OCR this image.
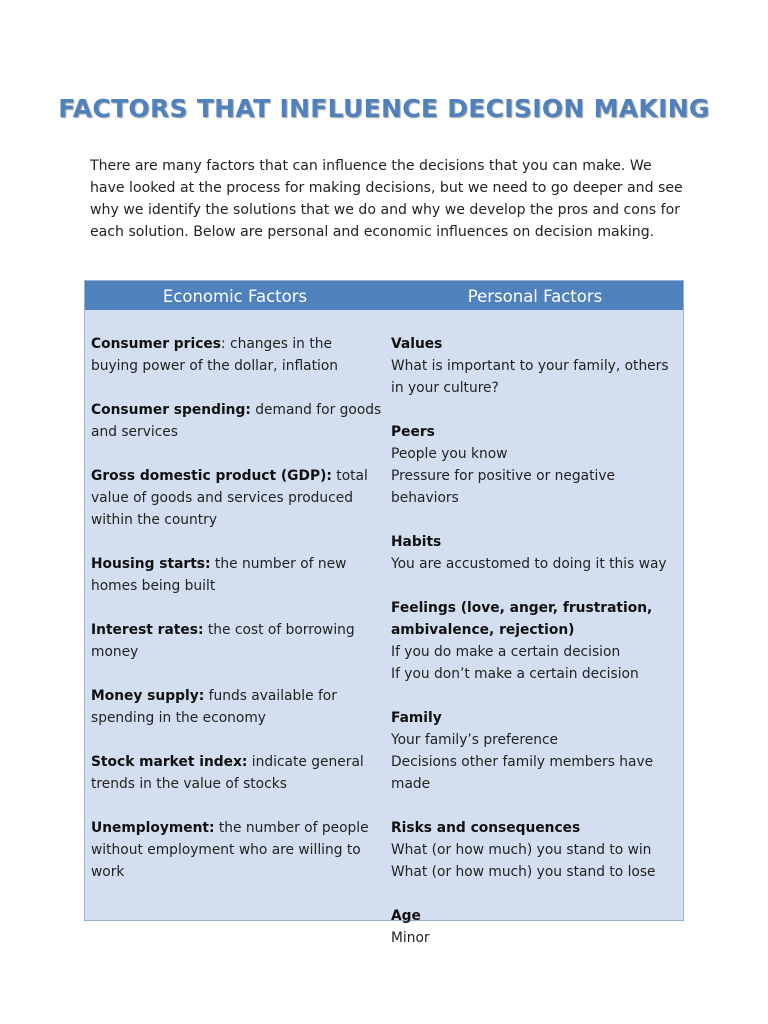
FACTORS THAT INFLUENCE DECISION MAKING
There are many factors that can influence the decisions that you can make. We have looked at the process for making decisions, but we need to go deeper and see why we identify the solutions that we do and why we develop the pros and cons for each solution. Below are personal and economic influences on decision making.
Economic Factors	Personal Factors
Consumer prices: changes in the buying power of the dollar, inflation
Consumer spending: demand for goods and services
Gross domestic product (GDP): total value of goods and services produced within the country
Housing starts: the number of new homes being built
Interest rates: the cost of borrowing money
Money supply: funds available for spending in the economy
Stock market index: indicate general trends in the value of stocks
Unemployment: the number of people without employment who are willing to work
Values
What is important to your family, others in your culture?
Peers
People you know
Pressure for positive or negative behaviors
Habits
You are accustomed to doing it this way
Feelings (love, anger, frustration, ambivalence, rejection)
If you do make a certain decision
If you don’t make a certain decision
Family
Your family’s preference
Decisions other family members have made
Risks and consequences
What (or how much) you stand to win
What (or how much) you stand to lose
Age
Minor
